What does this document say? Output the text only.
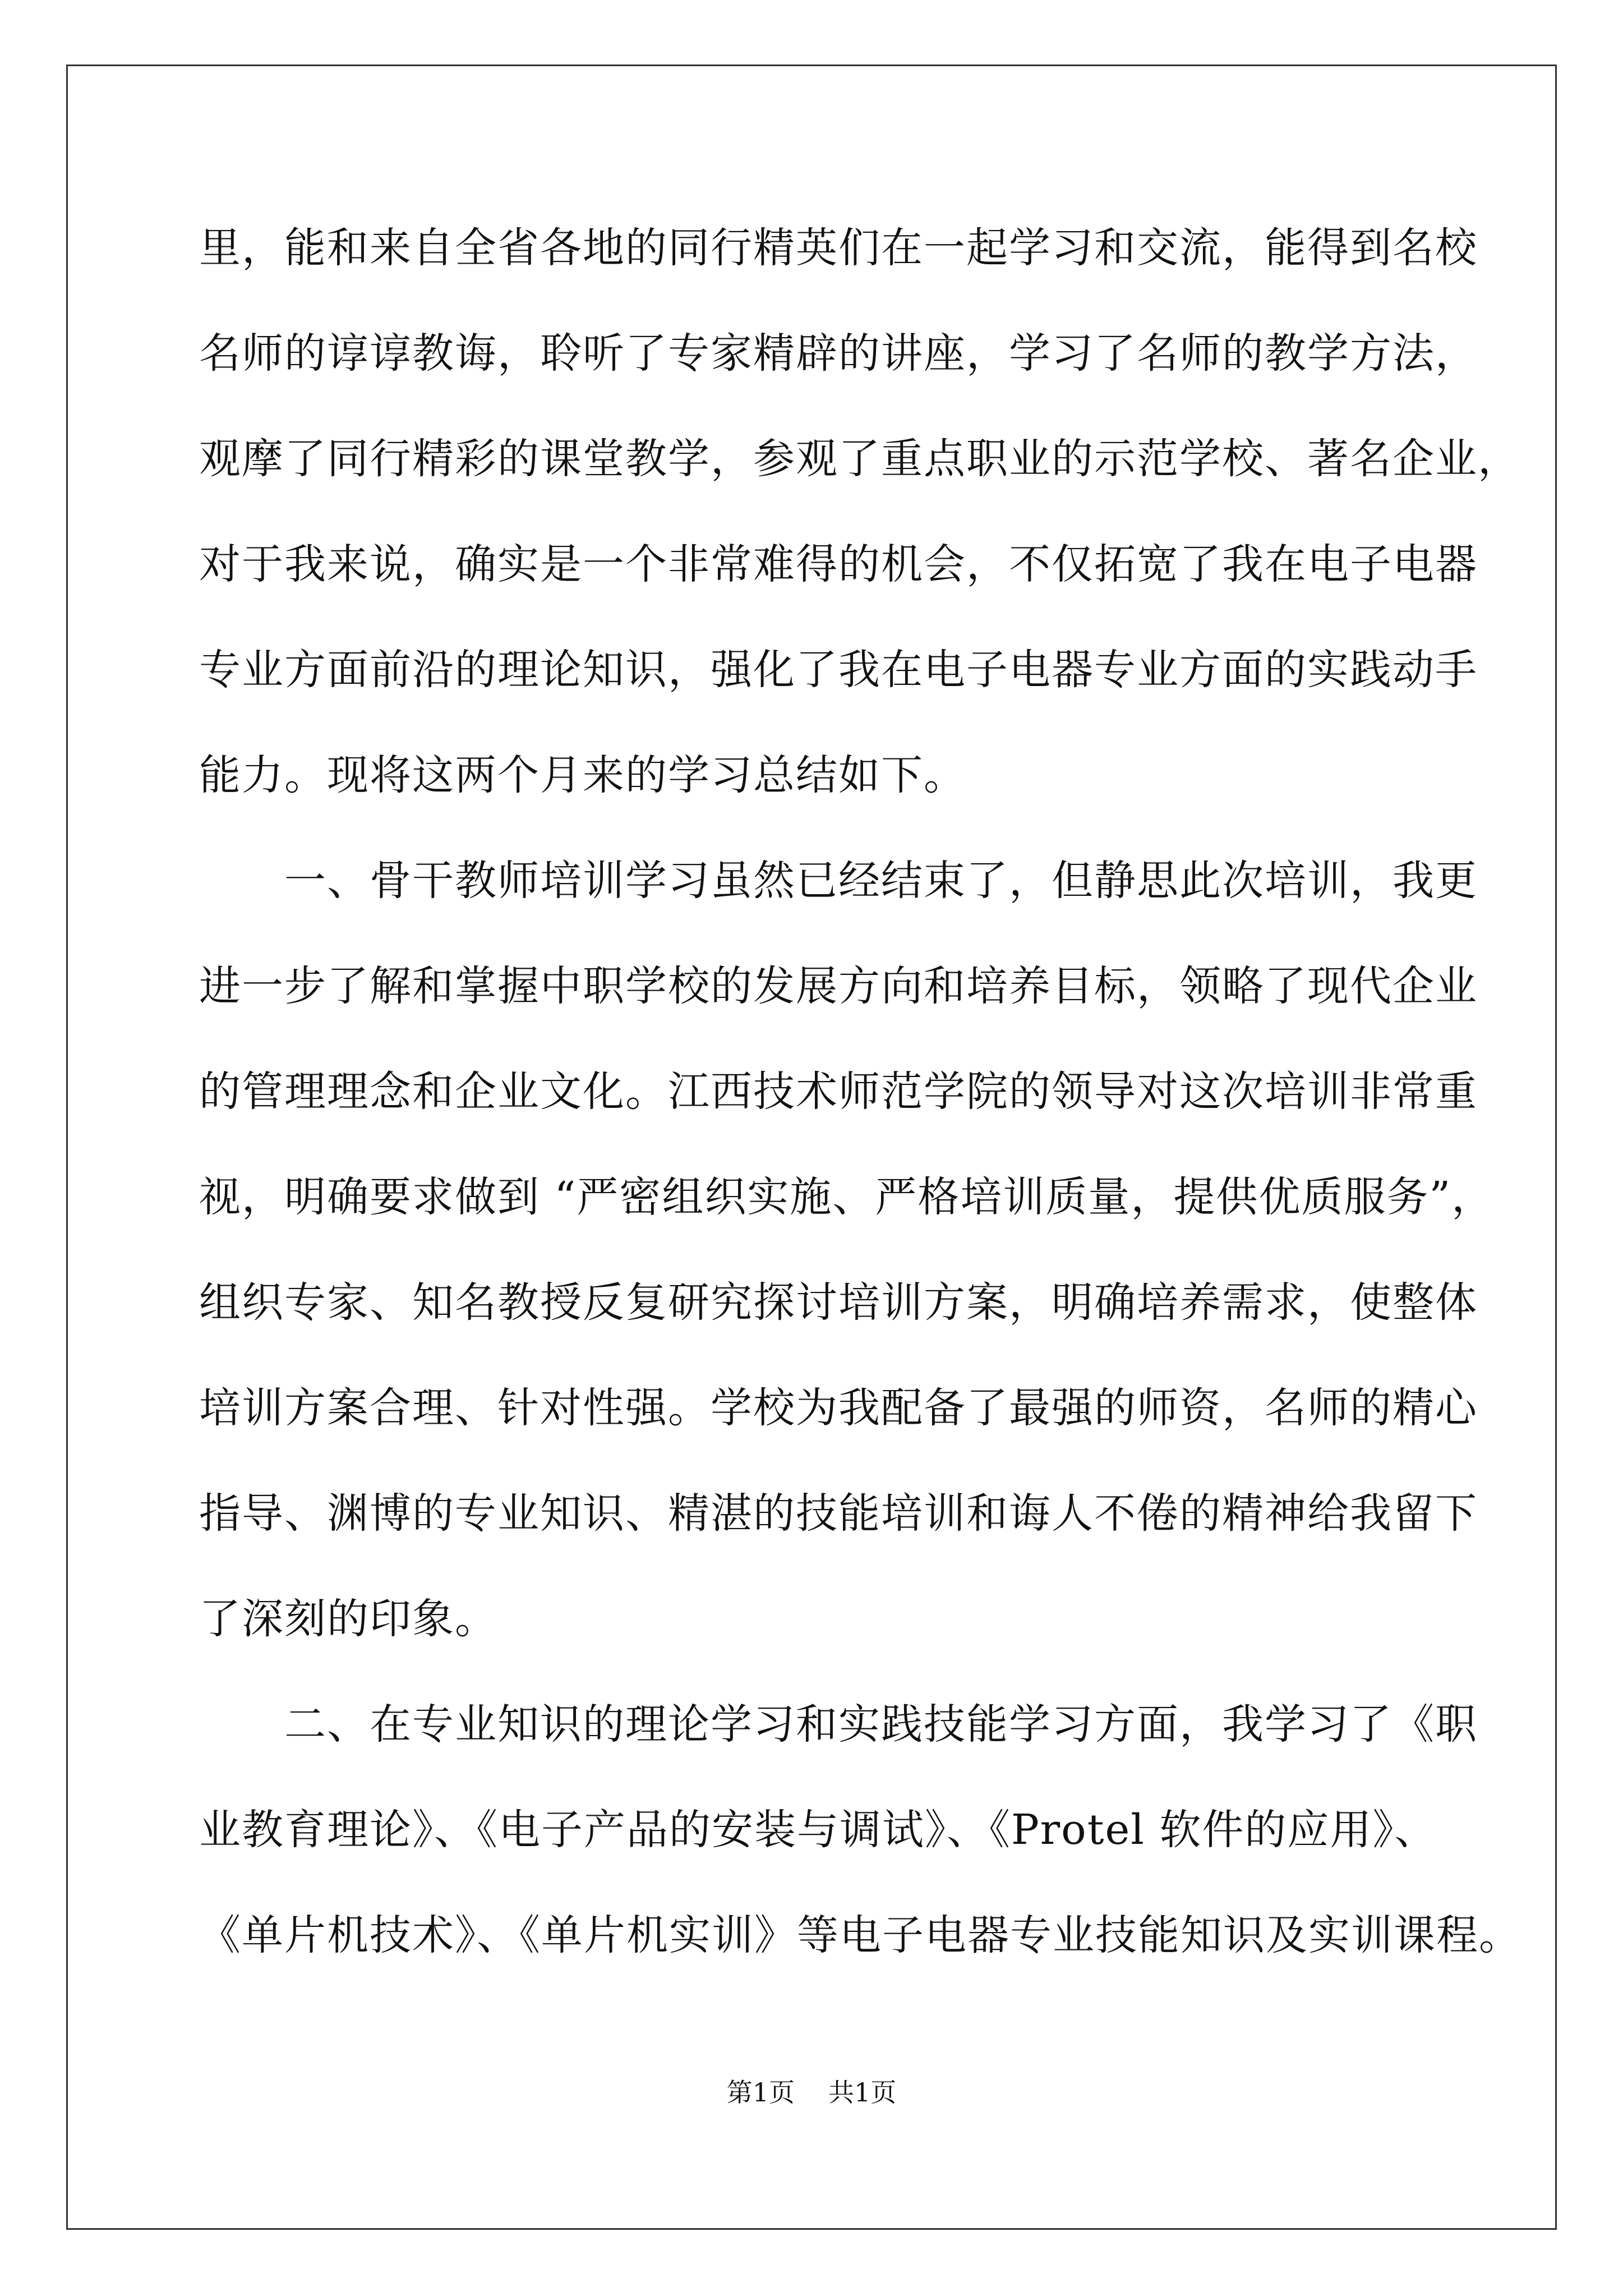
里，能和来自全省各地的同行精英们在一起学习和交流，能得到名校
名师的谆谆教诲，聆听了专家精辟的讲座，学习了名师的教学方法，
观摩了同行精彩的课堂教学，参观了重点职业的示范学校、著名企业，
对于我来说，确实是一个非常难得的机会，不仅拓宽了我在电子电器
专业方面前沿的理论知识，强化了我在电子电器专业方面的实践动手
能力。现将这两个月来的学习总结如下。
　　一、骨干教师培训学习虽然已经结束了，但静思此次培训，我更
进一步了解和掌握中职学校的发展方向和培养目标，领略了现代企业
的管理理念和企业文化。江西技术师范学院的领导对这次培训非常重
视，明确要求做到 “严密组织实施、严格培训质量，提供优质服务”，
组织专家、知名教授反复研究探讨培训方案，明确培养需求，使整体
培训方案合理、针对性强。学校为我配备了最强的师资，名师的精心
指导、渊博的专业知识、精湛的技能培训和诲人不倦的精神给我留下
了深刻的印象。
　　二、在专业知识的理论学习和实践技能学习方面，我学习了《职
业教育理论》、《电子产品的安装与调试》、《Protel 软件的应用》、
《单片机技术》、《单片机实训》等电子电器专业技能知识及实训课程。
第1页 共1页
